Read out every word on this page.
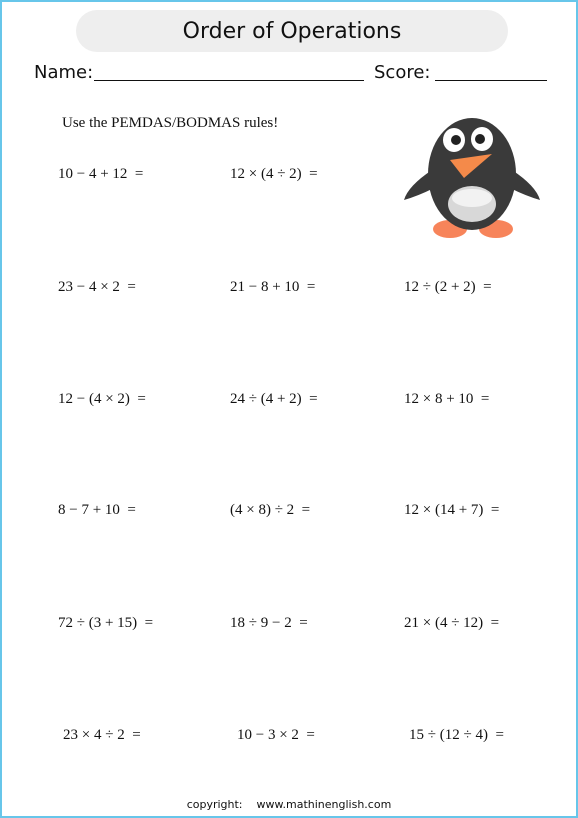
Order of Operations
Name:	Score:
Use the PEMDAS/BODMAS rules!
10 − 4 + 12  =	12 × (4 ÷ 2)  =
23 − 4 × 2  =	21 − 8 + 10  =	12 ÷ (2 + 2)  =
12 − (4 × 2)  =	24 ÷ (4 + 2)  =	12 × 8 + 10  =
8 − 7 + 10  =	(4 × 8) ÷ 2  =	12 × (14 + 7)  =
72 ÷ (3 + 15)  =	18 ÷ 9 − 2  =	21 × (4 ÷ 12)  =
23 × 4 ÷ 2  =	10 − 3 × 2  =	15 ÷ (12 ÷ 4)  =
copyright: www.mathinenglish.com
